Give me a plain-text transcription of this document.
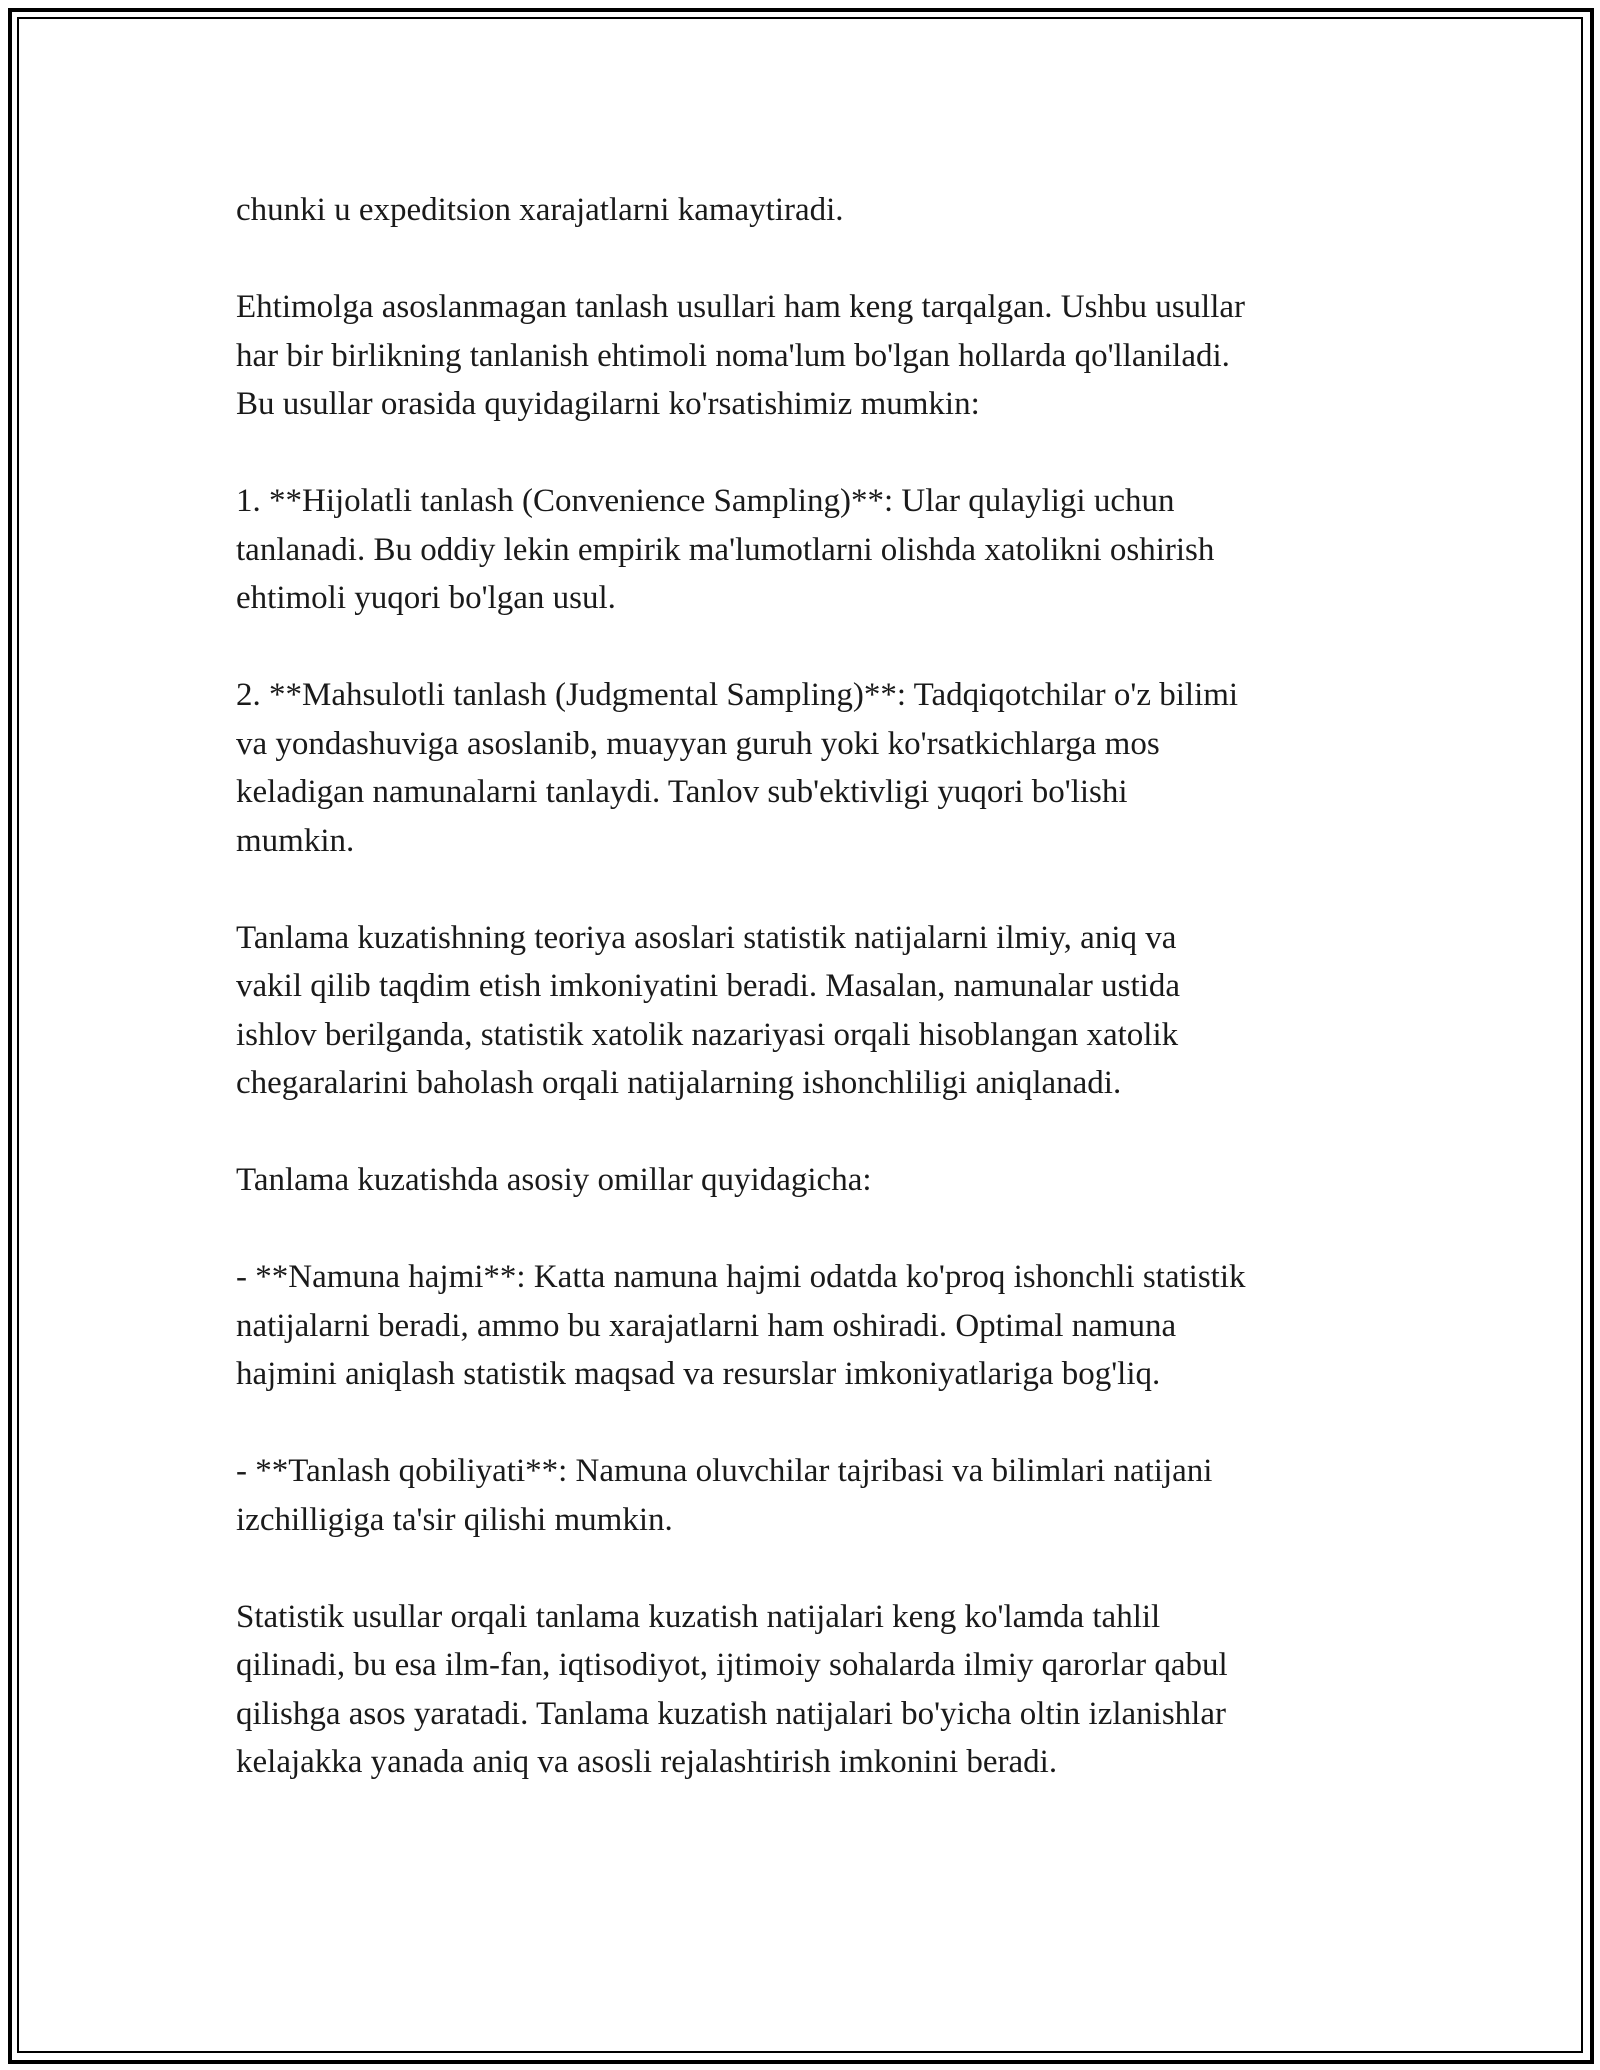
chunki u expeditsion xarajatlarni kamaytiradi.

Ehtimolga asoslanmagan tanlash usullari ham keng tarqalgan. Ushbu usullar
har bir birlikning tanlanish ehtimoli noma'lum bo'lgan hollarda qo'llaniladi.
Bu usullar orasida quyidagilarni ko'rsatishimiz mumkin:

1. **Hijolatli tanlash (Convenience Sampling)**: Ular qulayligi uchun
tanlanadi. Bu oddiy lekin empirik ma'lumotlarni olishda xatolikni oshirish
ehtimoli yuqori bo'lgan usul.

2. **Mahsulotli tanlash (Judgmental Sampling)**: Tadqiqotchilar o'z bilimi
va yondashuviga asoslanib, muayyan guruh yoki ko'rsatkichlarga mos
keladigan namunalarni tanlaydi. Tanlov sub'ektivligi yuqori bo'lishi
mumkin.

Tanlama kuzatishning teoriya asoslari statistik natijalarni ilmiy, aniq va
vakil qilib taqdim etish imkoniyatini beradi. Masalan, namunalar ustida
ishlov berilganda, statistik xatolik nazariyasi orqali hisoblangan xatolik
chegaralarini baholash orqali natijalarning ishonchliligi aniqlanadi.

Tanlama kuzatishda asosiy omillar quyidagicha:

- **Namuna hajmi**: Katta namuna hajmi odatda ko'proq ishonchli statistik
natijalarni beradi, ammo bu xarajatlarni ham oshiradi. Optimal namuna
hajmini aniqlash statistik maqsad va resurslar imkoniyatlariga bog'liq.

- **Tanlash qobiliyati**: Namuna oluvchilar tajribasi va bilimlari natijani
izchilligiga ta'sir qilishi mumkin.

Statistik usullar orqali tanlama kuzatish natijalari keng ko'lamda tahlil
qilinadi, bu esa ilm-fan, iqtisodiyot, ijtimoiy sohalarda ilmiy qarorlar qabul
qilishga asos yaratadi. Tanlama kuzatish natijalari bo'yicha oltin izlanishlar
kelajakka yanada aniq va asosli rejalashtirish imkonini beradi.
